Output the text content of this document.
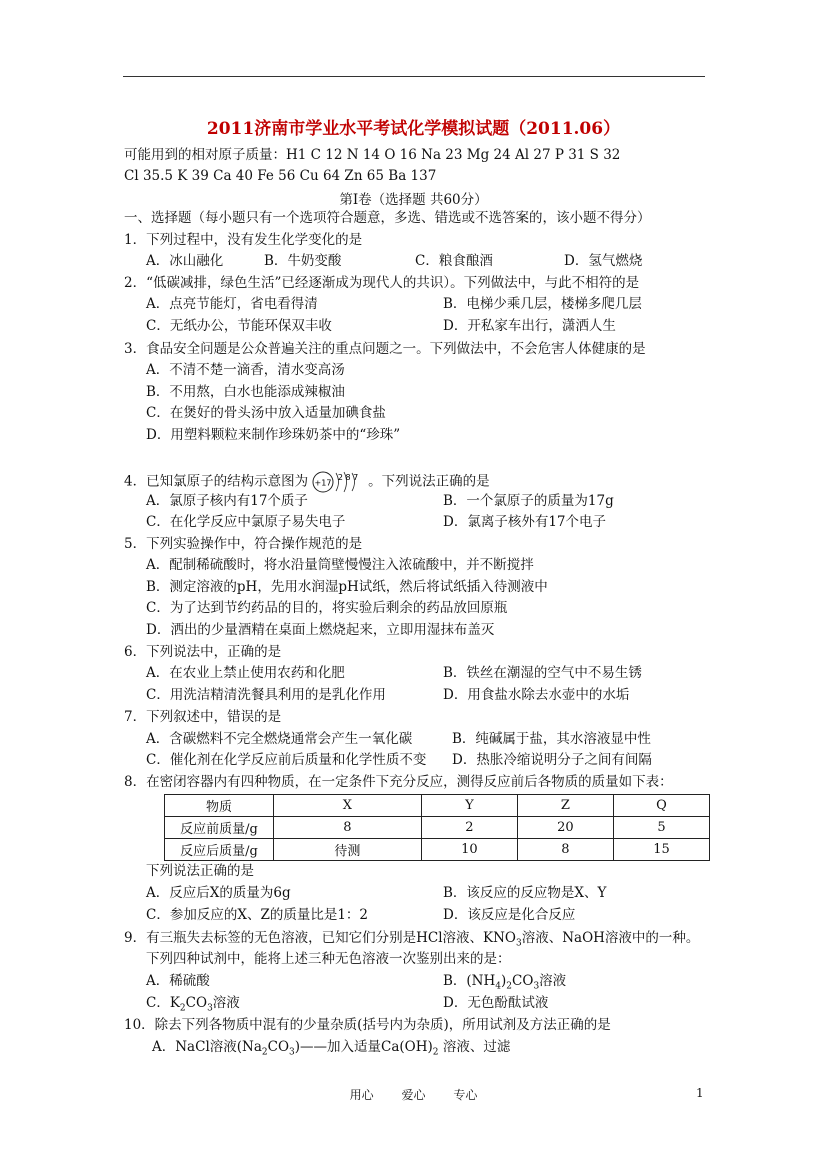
2011济南市学业水平考试化学模拟试题（2011.06）
可能用到的相对原子质量：H1 C 12 N 14 O 16 Na 23 Mg 24 Al 27 P 31 S 32
Cl 35.5 K 39 Ca 40 Fe 56 Cu 64 Zn 65 Ba 137
第Ⅰ卷（选择题 共60分）
一、选择题（每小题只有一个选项符合题意，多选、错选或不选答案的，该小题不得分）
1．下列过程中，没有发生化学变化的是
A．冰山融化	B．牛奶变酸	C．粮食酿酒	D．氢气燃烧
2．“低碳减排，绿色生活”已经逐渐成为现代人的共识）。下列做法中，与此不相符的是
A．点亮节能灯，省电看得清	B．电梯少乘几层，楼梯多爬几层
C．无纸办公，节能环保双丰收	D．开私家车出行，潇洒人生
3．食品安全问题是公众普遍关注的重点问题之一。下列做法中，不会危害人体健康的是
A．不清不楚一滴香，清水变高汤
B．不用熬，白水也能添成辣椒油
C．在煲好的骨头汤中放入适量加碘食盐
D．用塑料颗粒来制作珍珠奶茶中的“珍珠”
4．已知氯原子的结构示意图为 +17
2 8 7 。下列说法正确的是
A．氯原子核内有17个质子	B．一个氯原子的质量为17g
C．在化学反应中氯原子易失电子	D．氯离子核外有17个电子
5．下列实验操作中，符合操作规范的是
A．配制稀硫酸时，将水沿量筒壁慢慢注入浓硫酸中，并不断搅拌
B．测定溶液的pH，先用水润湿pH试纸，然后将试纸插入待测液中
C．为了达到节约药品的目的，将实验后剩余的药品放回原瓶
D．洒出的少量酒精在桌面上燃烧起来，立即用湿抹布盖灭
6．下列说法中，正确的是
A．在农业上禁止使用农药和化肥	B．铁丝在潮湿的空气中不易生锈
C．用洗洁精清洗餐具利用的是乳化作用	D．用食盐水除去水壶中的水垢
7．下列叙述中，错误的是
A．含碳燃料不完全燃烧通常会产生一氧化碳	B．纯碱属于盐，其水溶液显中性
C．催化剂在化学反应前后质量和化学性质不变 D．热胀冷缩说明分子之间有间隔
8．在密闭容器内有四种物质，在一定条件下充分反应，测得反应前后各物质的质量如下表：
物质	X	Y	Z	Q
反应前质量/g	8	2	20	5
反应后质量/g	待测	10	8	15
下列说法正确的是
A．反应后X的质量为6g	B．该反应的反应物是X、Y
C．参加反应的X、Z的质量比是1：2	D．该反应是化合反应
9．有三瓶失去标签的无色溶液，已知它们分别是HCl溶液、$KNO_3$溶液、NaOH溶液中的一种。
下列四种试剂中，能将上述三种无色溶液一次鉴别出来的是：
A．稀硫酸	B．$(NH_4)_2CO_3$溶液
C．$K_2CO_3$溶液	D．无色酚酞试液
10．除去下列各物质中混有的少量杂质(括号内为杂质)，所用试剂及方法正确的是
A．NaCl溶液$(Na_2CO_3)——$加入适量$Ca(OH)_2$ 溶液、过滤
用心 爱心 专心	1
